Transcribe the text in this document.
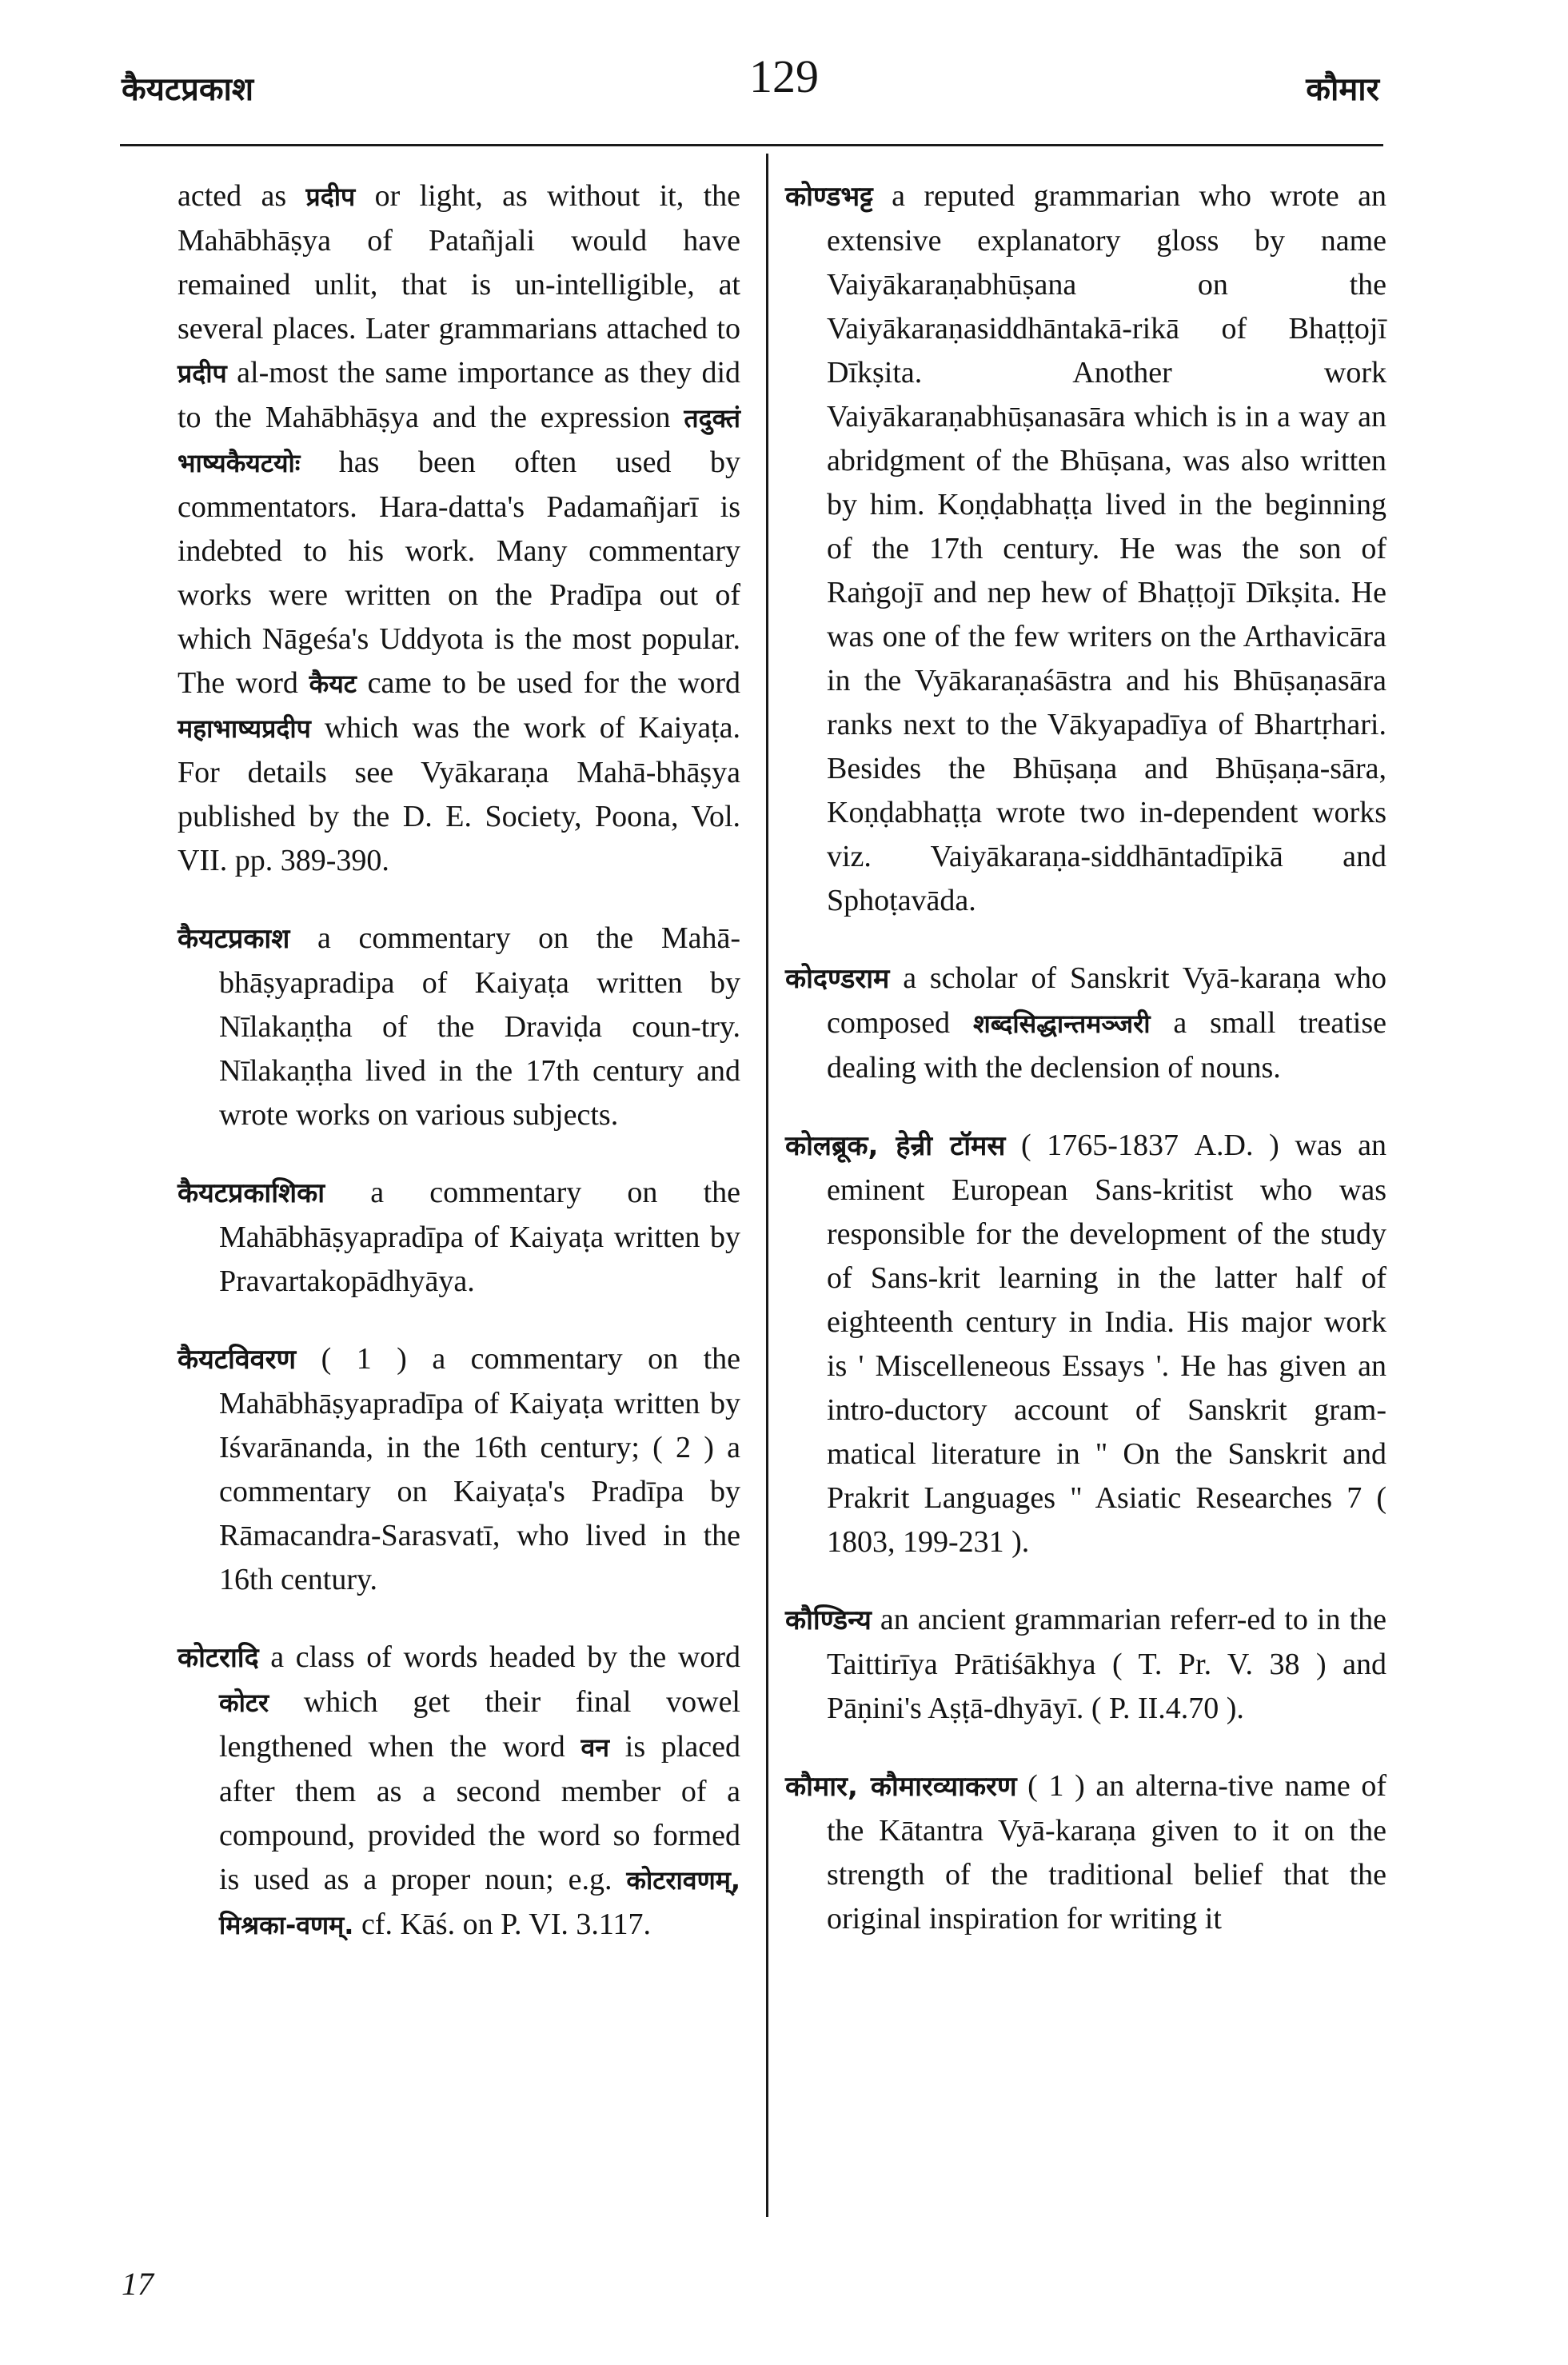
कैयटप्रकाश	129	कौमार

acted as प्रदीप or light, as without it, the Mahābhāṣya of Patañjali would have remained unlit, that is un-intelligible, at several places. Later grammarians attached to प्रदीप al-most the same importance as they did to the Mahābhāṣya and the expression तदुक्तं भाष्यकैयटयोः has been often used by commentators. Hara-datta's Padamañjarī is indebted to his work. Many commentary works were written on the Pradīpa out of which Nāgeśa's Uddyota is the most popular. The word कैयट came to be used for the word महाभाष्यप्रदीप which was the work of Kaiyaṭa. For details see Vyākaraṇa Mahā-bhāṣya published by the D. E. Society, Poona, Vol. VII. pp. 389-390.

कैयटप्रकाश a commentary on the Mahā-bhāṣyapradipa of Kaiyaṭa written by Nīlakaṇṭha of the Draviḍa coun-try. Nīlakaṇṭha lived in the 17th century and wrote works on various subjects.

कैयटप्रकाशिका a commentary on the Mahābhāṣyapradīpa of Kaiyaṭa written by Pravartakopādhyāya.

कैयटविवरण ( 1 ) a commentary on the Mahābhāṣyapradīpa of Kaiyaṭa written by Iśvarānanda, in the 16th century; ( 2 ) a commentary on Kaiyaṭa's Pradīpa by Rāmacandra-Sarasvatī, who lived in the 16th century.

कोटरादि a class of words headed by the word कोटर which get their final vowel lengthened when the word वन is placed after them as a second member of a compound, provided the word so formed is used as a proper noun; e.g. कोटरावणम्, मिश्रका-वणम्. cf. Kāś. on P. VI. 3.117.

कोण्डभट्ट a reputed grammarian who wrote an extensive explanatory gloss by name Vaiyākaraṇabhūṣana on the Vaiyākaraṇasiddhāntakā-rikā of Bhaṭṭojī Dīkṣita. Another work Vaiyākaraṇabhūṣanasāra which is in a way an abridgment of the Bhūṣana, was also written by him. Koṇḍabhaṭṭa lived in the beginning of the 17th century. He was the son of Raṅgojī and nep hew of Bhaṭṭojī Dīkṣita. He was one of the few writers on the Arthavicāra in the Vyākaraṇaśāstra and his Bhūṣaṇasāra ranks next to the Vākyapadīya of Bhartṛhari. Besides the Bhūṣaṇa and Bhūṣaṇa-sāra, Koṇḍabhaṭṭa wrote two in-dependent works viz. Vaiyākaraṇa-siddhāntadīpikā and Sphoṭavāda.

कोदण्डराम a scholar of Sanskrit Vyā-karaṇa who composed शब्दसिद्धान्तमञ्जरी a small treatise dealing with the declension of nouns.

कोलब्रूक, हेन्री टॉमस ( 1765-1837 A.D. ) was an eminent European Sans-kritist who was responsible for the development of the study of Sans-krit learning in the latter half of eighteenth century in India. His major work is ' Miscelleneous Essays '. He has given an intro-ductory account of Sanskrit gram-matical literature in " On the Sanskrit and Prakrit Languages " Asiatic Researches 7 ( 1803, 199-231 ).

कौण्डिन्य an ancient grammarian referr-ed to in the Taittirīya Prātiśākhya ( T. Pr. V. 38 ) and Pāṇini's Aṣṭā-dhyāyī. ( P. II.4.70 ).

कौमार, कौमारव्याकरण ( 1 ) an alterna-tive name of the Kātantra Vyā-karaṇa given to it on the strength of the traditional belief that the original inspiration for writing it

17
